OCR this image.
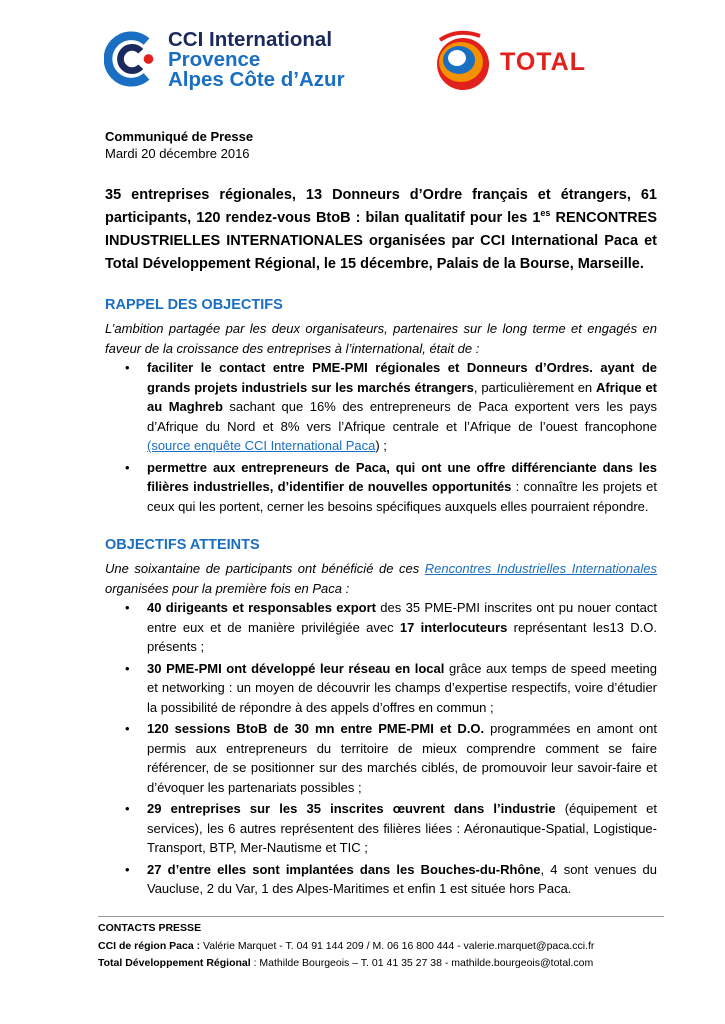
CCI International
Provence
Alpes Côte d’Azur
TOTAL
Communiqué de Presse
Mardi 20 décembre 2016
35 entreprises régionales, 13 Donneurs d’Ordre français et étrangers, 61 participants, 120 rendez-vous BtoB : bilan qualitatif pour les $1^{es}$ RENCONTRES INDUSTRIELLES INTERNATIONALES organisées par CCI International Paca et Total Développement Régional, le 15 décembre, Palais de la Bourse, Marseille.
RAPPEL DES OBJECTIFS

L’ambition partagée par les deux organisateurs, partenaires sur le long terme et engagés en faveur de la croissance des entreprises à l’international, était de :

• faciliter le contact entre PME-PMI régionales et Donneurs d’Ordres. ayant de grands projets industriels sur les marchés étrangers, particulièrement en Afrique et au Maghreb sachant que 16% des entrepreneurs de Paca exportent vers les pays d’Afrique du Nord et 8% vers l’Afrique centrale et l’Afrique de l’ouest francophone (source enquête CCI International Paca) ;
• permettre aux entrepreneurs de Paca, qui ont une offre différenciante dans les filières industrielles, d’identifier de nouvelles opportunités : connaître les projets et ceux qui les portent, cerner les besoins spécifiques auxquels elles pourraient répondre.
OBJECTIFS ATTEINTS

Une soixantaine de participants ont bénéficié de ces Rencontres Industrielles Internationales organisées pour la première fois en Paca :

• 40 dirigeants et responsables export des 35 PME-PMI inscrites ont pu nouer contact entre eux et de manière privilégiée avec 17 interlocuteurs représentant les13 D.O. présents ;
• 30 PME-PMI ont développé leur réseau en local grâce aux temps de speed meeting et networking : un moyen de découvrir les champs d’expertise respectifs, voire d’étudier la possibilité de répondre à des appels d’offres en commun ;
• 120 sessions BtoB de 30 mn entre PME-PMI et D.O. programmées en amont ont permis aux entrepreneurs du territoire de mieux comprendre comment se faire référencer, de se positionner sur des marchés ciblés, de promouvoir leur savoir-faire et d’évoquer les partenariats possibles ;
• 29 entreprises sur les 35 inscrites œuvrent dans l’industrie (équipement et services), les 6 autres représentent des filières liées : Aéronautique-Spatial, Logistique-Transport, BTP, Mer-Nautisme et TIC ;
• 27 d’entre elles sont implantées dans les Bouches-du-Rhône, 4 sont venues du Vaucluse, 2 du Var, 1 des Alpes-Maritimes et enfin 1 est située hors Paca.
CONTACTS PRESSE
CCI de région Paca : Valérie Marquet - T. 04 91 144 209 / M. 06 16 800 444 - valerie.marquet@paca.cci.fr
Total Développement Régional : Mathilde Bourgeois – T. 01 41 35 27 38 - mathilde.bourgeois@total.com
